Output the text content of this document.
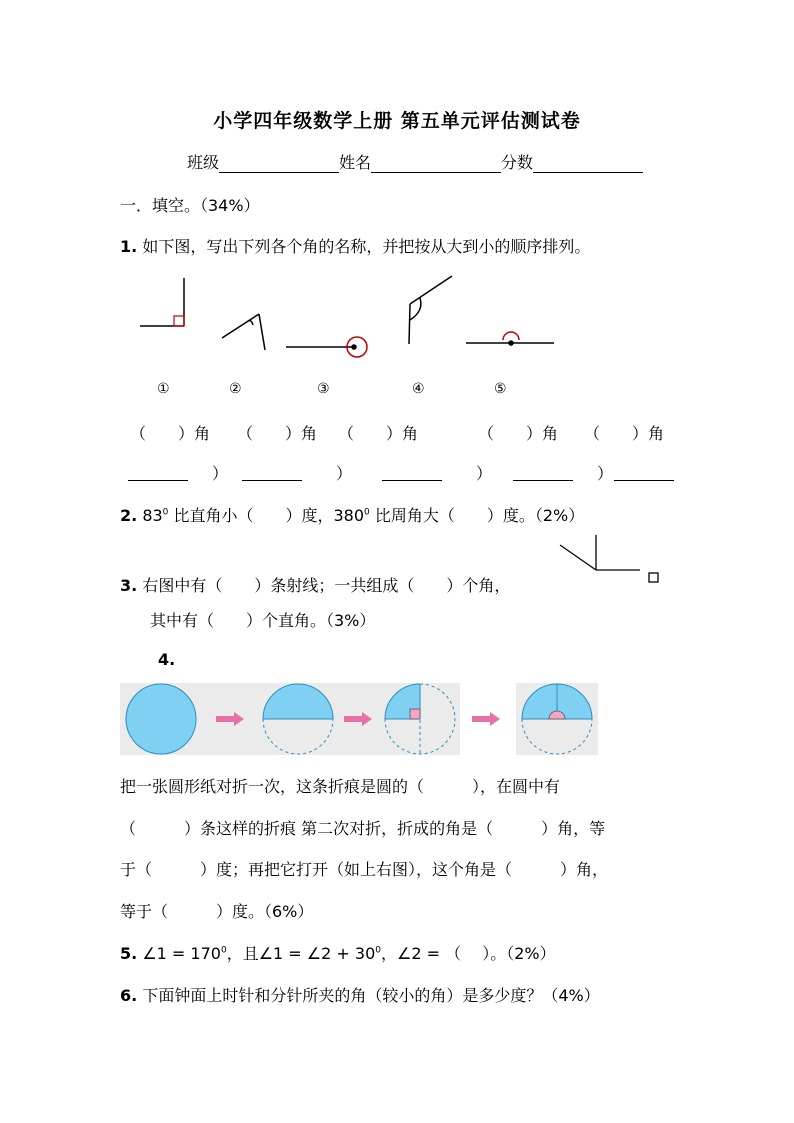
小学四年级数学上册 第五单元评估测试卷
班级	姓名	分数
一．填空。（34%）
1. 如下图，写出下列各个角的名称，并把按从大到小的顺序排列。
①	②	③	④	⑤
（　　）角 （　　）角 （　　）角	（　　）角 （　　）角
）	）	）	）
2. $83^0$ 比直角小（　　）度，$380^0$ 比周角大（　　）度。（2%）
3. 右图中有（　　）条射线；一共组成（　　）个角，
其中有（　　）个直角。（3%）
4.
把一张圆形纸对折一次，这条折痕是圆的（　　　），在圆中有
（　　　）条这样的折痕 第二次对折，折成的角是（　　　）角，等
于（　　　）度；再把它打开（如上右图），这个角是（　　　）角，
等于（　　　）度。（6%）
5. ∠1 = $170^0$，且∠1 = ∠2 + $30^0$，∠2 = （　 ）。（2%）
6. 下面钟面上时针和分针所夹的角（较小的角）是多少度？（4%）
